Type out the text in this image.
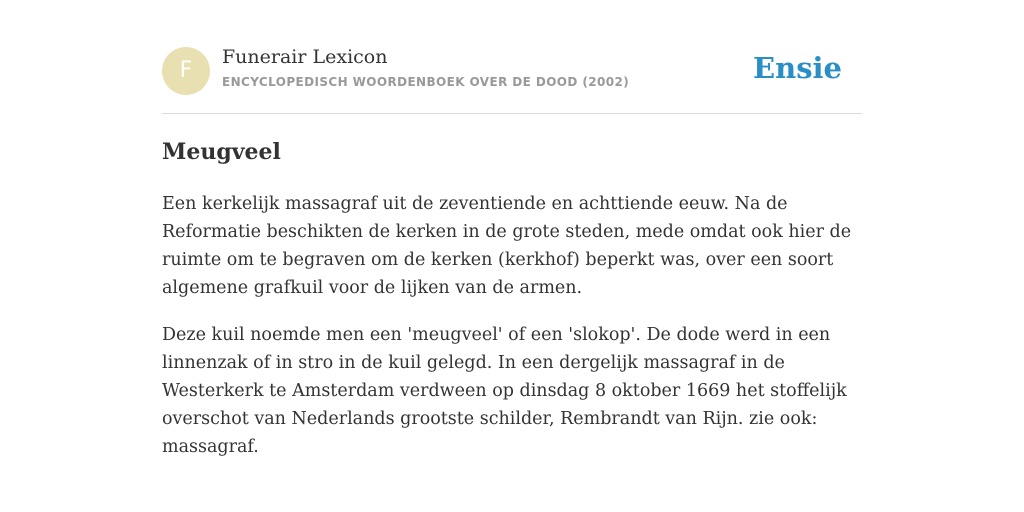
F
Funerair Lexicon
ENCYCLOPEDISCH WOORDENBOEK OVER DE DOOD (2002)	Ensie
Meugveel

Een kerkelijk massagraf uit de zeventiende en achttiende eeuw. Na de Reformatie beschikten de kerken in de grote steden, mede omdat ook hier de ruimte om te begraven om de kerken (kerkhof) beperkt was, over een soort algemene grafkuil voor de lijken van de armen.

Deze kuil noemde men een 'meugveel' of een 'slokop'. De dode werd in een linnenzak of in stro in de kuil gelegd. In een dergelijk massagraf in de Westerkerk te Amsterdam verdween op dinsdag 8 oktober 1669 het stoffelijk overschot van Nederlands grootste schilder, Rembrandt van Rijn. zie ook: massagraf.
